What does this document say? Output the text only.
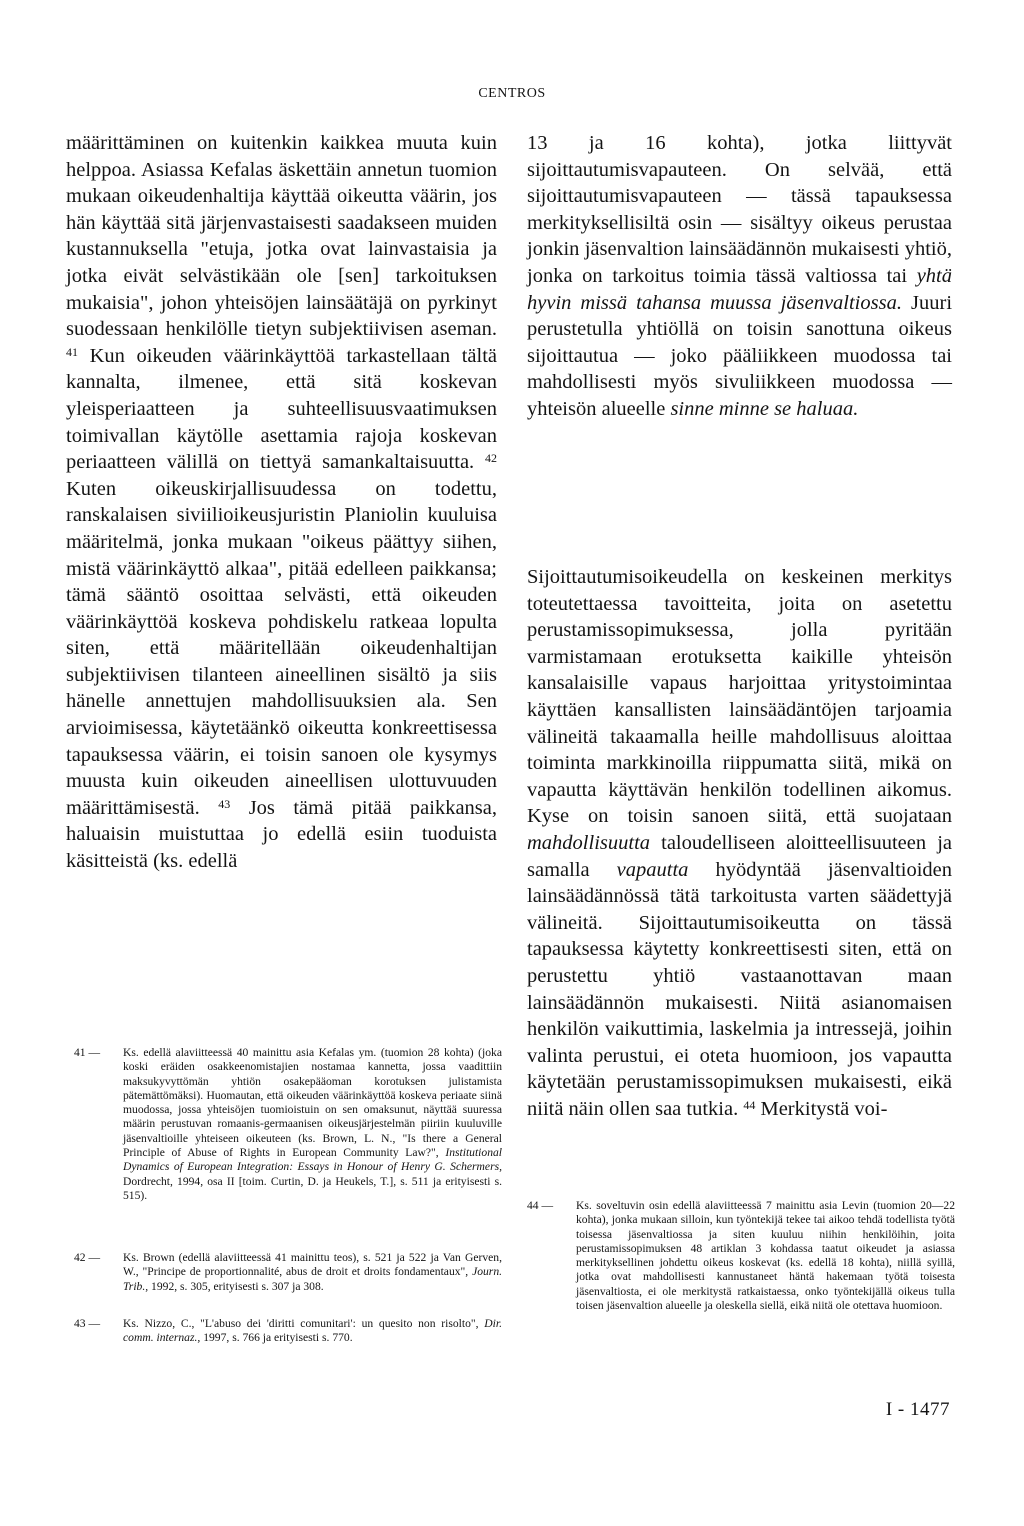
CENTROS

määrittäminen on kuitenkin kaikkea muuta kuin helppoa. Asiassa Kefalas äskettäin annetun tuomion mukaan oikeudenhaltija käyttää oikeutta väärin, jos hän käyttää sitä järjenvastaisesti saadakseen muiden kustannuksella "etuja, jotka ovat lainvastaisia ja jotka eivät selvästikään ole [sen] tarkoituksen mukaisia", johon yhteisöjen lainsäätäjä on pyrkinyt suodessaan henkilölle tietyn subjektiivisen aseman. $^{41}$ Kun oikeuden väärinkäyttöä tarkastellaan tältä kannalta, ilmenee, että sitä koskevan yleisperiaatteen ja suhteellisuusvaatimuksen toimivallan käytölle asettamia rajoja koskevan periaatteen välillä on tiettyä samankaltaisuutta. $^{42}$ Kuten oikeuskirjallisuudessa on todettu, ranskalaisen siviilioikeusjuristin Planiolin kuuluisa määritelmä, jonka mukaan "oikeus päättyy siihen, mistä väärinkäyttö alkaa", pitää edelleen paikkansa; tämä sääntö osoittaa selvästi, että oikeuden väärinkäyttöä koskeva pohdiskelu ratkeaa lopulta siten, että määritellään oikeudenhaltijan subjektiivisen tilanteen aineellinen sisältö ja siis hänelle annettujen mahdollisuuksien ala. Sen arvioimisessa, käytetäänkö oikeutta konkreettisessa tapauksessa väärin, ei toisin sanoen ole kysymys muusta kuin oikeuden aineellisen ulottuvuuden määrittämisestä. $^{43}$ Jos tämä pitää paikkansa, haluaisin muistuttaa jo edellä esiin tuoduista käsitteistä (ks. edellä

13 ja 16 kohta), jotka liittyvät sijoittautumisvapauteen. On selvää, että sijoittautumisvapauteen — tässä tapauksessa merkityksellisiltä osin — sisältyy oikeus perustaa jonkin jäsenvaltion lainsäädännön mukaisesti yhtiö, jonka on tarkoitus toimia tässä valtiossa tai yhtä hyvin missä tahansa muussa jäsenvaltiossa. Juuri perustetulla yhtiöllä on toisin sanottuna oikeus sijoittautua — joko pääliikkeen muodossa tai mahdollisesti myös sivuliikkeen muodossa — yhteisön alueelle sinne minne se haluaa.

Sijoittautumisoikeudella on keskeinen merkitys toteutettaessa tavoitteita, joita on asetettu perustamissopimuksessa, jolla pyritään varmistamaan erotuksetta kaikille yhteisön kansalaisille vapaus harjoittaa yritystoimintaa käyttäen kansallisten lainsäädäntöjen tarjoamia välineitä takaamalla heille mahdollisuus aloittaa toiminta markkinoilla riippumatta siitä, mikä on vapautta käyttävän henkilön todellinen aikomus. Kyse on toisin sanoen siitä, että suojataan mahdollisuutta taloudelliseen aloitteellisuuteen ja samalla vapautta hyödyntää jäsenvaltioiden lainsäädännössä tätä tarkoitusta varten säädettyjä välineitä. Sijoittautumisoikeutta on tässä tapauksessa käytetty konkreettisesti siten, että on perustettu yhtiö vastaanottavan maan lainsäädännön mukaisesti. Niitä asianomaisen henkilön vaikuttimia, laskelmia ja intressejä, joihin valinta perustui, ei oteta huomioon, jos vapautta käytetään perustamissopimuksen mukaisesti, eikä niitä näin ollen saa tutkia. $^{44}$ Merkitystä voi-

41 —	Ks. edellä alaviitteessä 40 mainittu asia Kefalas ym. (tuomion 28 kohta) (joka koski eräiden osakkeenomistajien nostamaa kannetta, jossa vaadittiin maksukyvyttömän yhtiön osakepääoman korotuksen julistamista pätemättömäksi). Huomautan, että oikeuden väärinkäyttöä koskeva periaate siinä muodossa, jossa yhteisöjen tuomioistuin on sen omaksunut, näyttää suuressa määrin perustuvan romaanis-germaanisen oikeusjärjestelmän piiriin kuuluville jäsenvaltioille yhteiseen oikeuteen (ks. Brown, L. N., "Is there a General Principle of Abuse of Rights in European Community Law?", Institutional Dynamics of European Integration: Essays in Honour of Henry G. Schermers, Dordrecht, 1994, osa II [toim. Curtin, D. ja Heukels, T.], s. 511 ja erityisesti s. 515).
42 —	Ks. Brown (edellä alaviitteessä 41 mainittu teos), s. 521 ja 522 ja Van Gerven, W., "Principe de proportionnalité, abus de droit et droits fondamentaux", Journ. Trib., 1992, s. 305, erityisesti s. 307 ja 308.
43 —	Ks. Nizzo, C., "L'abuso dei 'diritti comunitari': un quesito non risolto", Dir. comm. internaz., 1997, s. 766 ja erityisesti s. 770.
44 —	Ks. soveltuvin osin edellä alaviitteessä 7 mainittu asia Levin (tuomion 20—22 kohta), jonka mukaan silloin, kun työntekijä tekee tai aikoo tehdä todellista työtä toisessa jäsenvaltiossa ja siten kuuluu niihin henkilöihin, joita perustamissopimuksen 48 artiklan 3 kohdassa taatut oikeudet ja asiassa merkityksellinen johdettu oikeus koskevat (ks. edellä 18 kohta), niillä syillä, jotka ovat mahdollisesti kannustaneet häntä hakemaan työtä toisesta jäsenvaltiosta, ei ole merkitystä ratkaistaessa, onko työntekijällä oikeus tulla toisen jäsenvaltion alueelle ja oleskella siellä, eikä niitä ole otettava huomioon.
I - 1477
